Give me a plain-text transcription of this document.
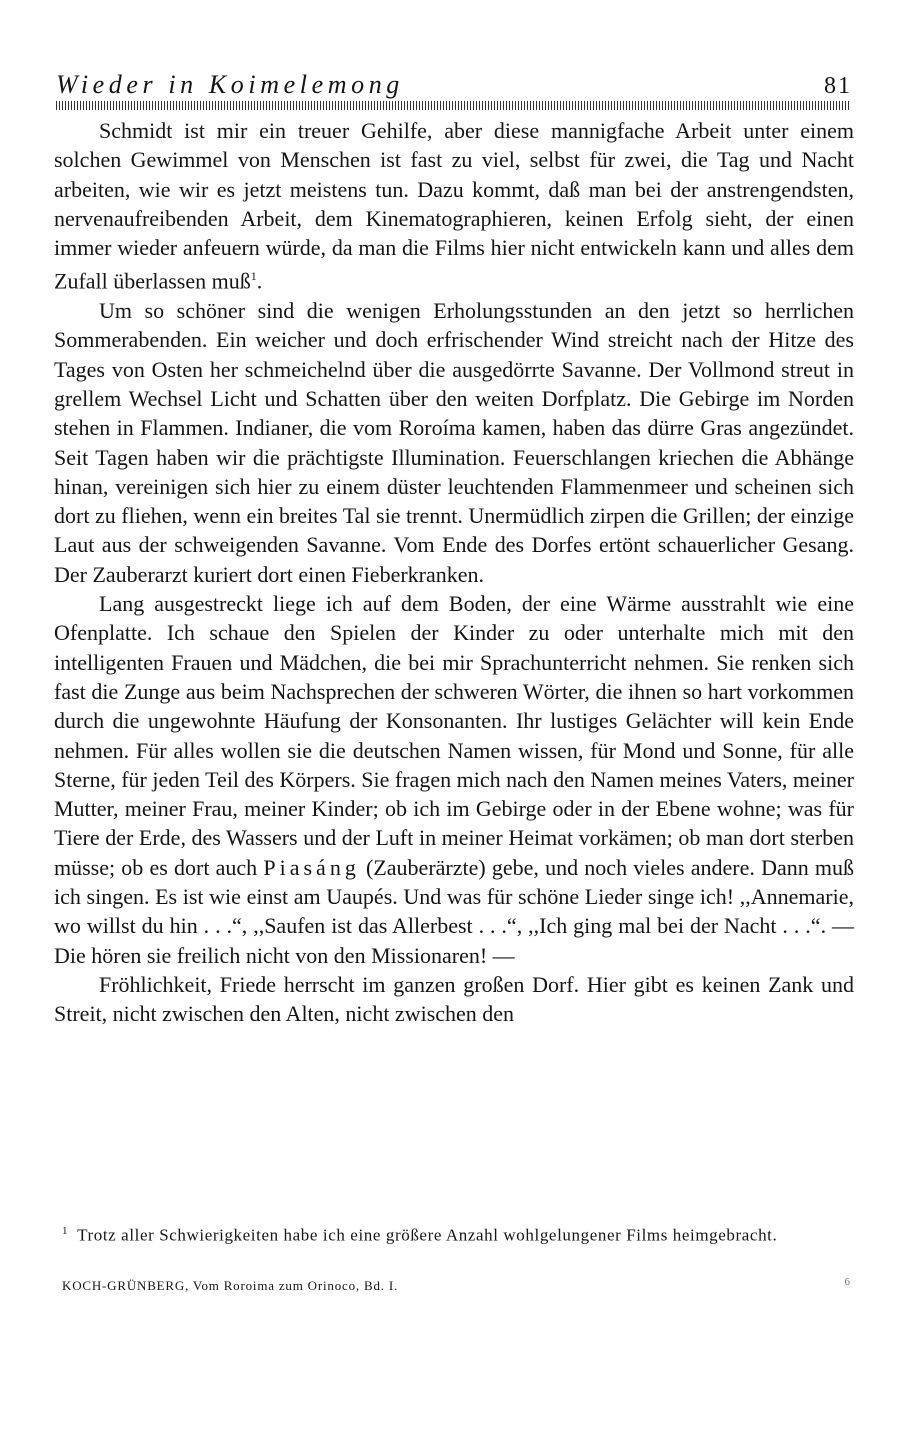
Wieder in Koimelemong	81

Schmidt ist mir ein treuer Gehilfe, aber diese mannigfache Arbeit unter einem solchen Gewimmel von Menschen ist fast zu viel, selbst für zwei, die Tag und Nacht arbeiten, wie wir es jetzt meistens tun. Dazu kommt, daß man bei der anstrengendsten, nervenaufreibenden Arbeit, dem Kinematographieren, keinen Erfolg sieht, der einen immer wieder anfeuern würde, da man die Films hier nicht entwickeln kann und alles dem Zufall überlassen muß$^1$.

Um so schöner sind die wenigen Erholungsstunden an den jetzt so herrlichen Sommerabenden. Ein weicher und doch erfrischender Wind streicht nach der Hitze des Tages von Osten her schmeichelnd über die ausgedörrte Savanne. Der Vollmond streut in grellem Wechsel Licht und Schatten über den weiten Dorfplatz. Die Gebirge im Norden stehen in Flammen. Indianer, die vom Roroíma kamen, haben das dürre Gras angezündet. Seit Tagen haben wir die prächtigste Illumination. Feuerschlangen kriechen die Abhänge hinan, vereinigen sich hier zu einem düster leuchtenden Flammenmeer und scheinen sich dort zu fliehen, wenn ein breites Tal sie trennt. Unermüdlich zirpen die Grillen; der einzige Laut aus der schweigenden Savanne. Vom Ende des Dorfes ertönt schauerlicher Gesang. Der Zauberarzt kuriert dort einen Fieberkranken.

Lang ausgestreckt liege ich auf dem Boden, der eine Wärme ausstrahlt wie eine Ofenplatte. Ich schaue den Spielen der Kinder zu oder unterhalte mich mit den intelligenten Frauen und Mädchen, die bei mir Sprachunterricht nehmen. Sie renken sich fast die Zunge aus beim Nachsprechen der schweren Wörter, die ihnen so hart vorkommen durch die ungewohnte Häufung der Konsonanten. Ihr lustiges Gelächter will kein Ende nehmen. Für alles wollen sie die deutschen Namen wissen, für Mond und Sonne, für alle Sterne, für jeden Teil des Körpers. Sie fragen mich nach den Namen meines Vaters, meiner Mutter, meiner Frau, meiner Kinder; ob ich im Gebirge oder in der Ebene wohne; was für Tiere der Erde, des Wassers und der Luft in meiner Heimat vorkämen; ob man dort sterben müsse; ob es dort auch Piasáng (Zauberärzte) gebe, und noch vieles andere. Dann muß ich singen. Es ist wie einst am Uaupés. Und was für schöne Lieder singe ich! ,,Annemarie, wo willst du hin . . .“, ,,Saufen ist das Allerbest . . .“, ,,Ich ging mal bei der Nacht . . .“. — Die hören sie freilich nicht von den Missionaren! —

Fröhlichkeit, Friede herrscht im ganzen großen Dorf. Hier gibt es keinen Zank und Streit, nicht zwischen den Alten, nicht zwischen den

$^1$ Trotz aller Schwierigkeiten habe ich eine größere Anzahl wohlgelungener Films heimgebracht.
KOCH-GRÜNBERG, Vom Roroima zum Orinoco, Bd. I.	6
